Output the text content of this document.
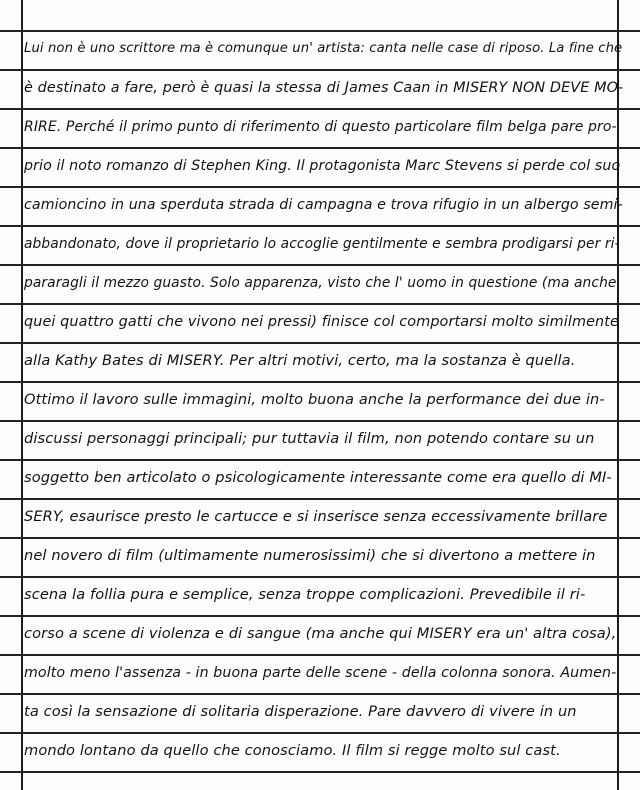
Lui non è uno scrittore ma è comunque un' artista: canta nelle case di riposo. La fine che
è destinato a fare, però è quasi la stessa di James Caan in MISERY NON DEVE MO-
RIRE. Perché il primo punto di riferimento di questo particolare film belga pare pro-
prio il noto romanzo di Stephen King. Il protagonista Marc Stevens si perde col suo
camioncino in una sperduta strada di campagna e trova rifugio in un albergo semi-
abbandonato, dove il proprietario lo accoglie gentilmente e sembra prodigarsi per ri-
pararagli il mezzo guasto. Solo apparenza, visto che l' uomo in questione (ma anche
quei quattro gatti che vivono nei pressi) finisce col comportarsi molto similmente
alla Kathy Bates di MISERY. Per altri motivi, certo, ma la sostanza è quella.
Ottimo il lavoro sulle immagini, molto buona anche la performance dei due in-
discussi personaggi principali; pur tuttavia il film, non potendo contare su un
soggetto ben articolato o psicologicamente interessante come era quello di MI-
SERY, esaurisce presto le cartucce e si inserisce senza eccessivamente brillare
nel novero di film (ultimamente numerosissimi) che si divertono a mettere in
scena la follia pura e semplice, senza troppe complicazioni. Prevedibile il ri-
corso a scene di violenza e di sangue (ma anche qui MISERY era un' altra cosa),
molto meno l'assenza - in buona parte delle scene - della colonna sonora. Aumen-
ta così la sensazione di solitaria disperazione. Pare davvero di vivere in un
mondo lontano da quello che conosciamo. Il film si regge molto sul cast.
